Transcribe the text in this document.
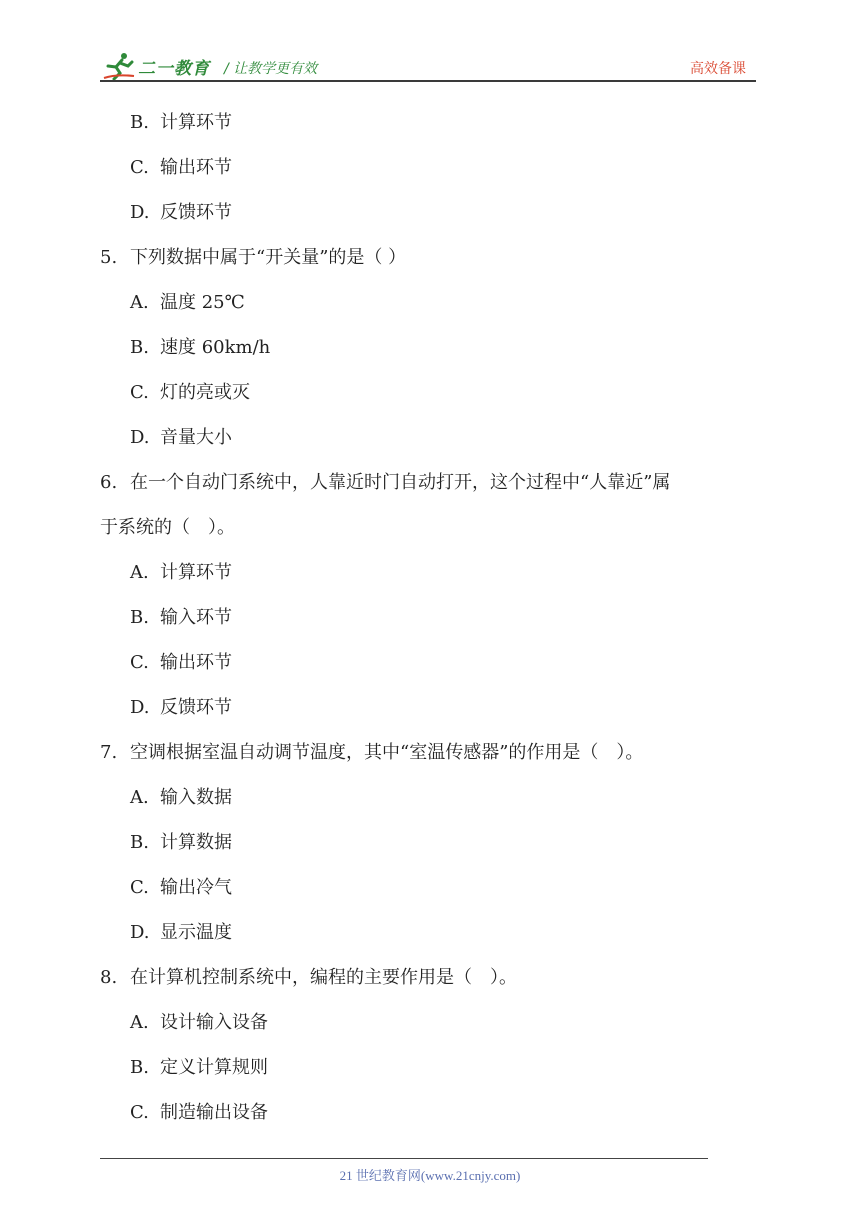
二一教育 / 让教学更有效	高效备课
B. 计算环节
C. 输出环节
D. 反馈环节
5. 下列数据中属于“开关量”的是（ ）
A. 温度 25℃
B. 速度 60km/h
C. 灯的亮或灭
D. 音量大小
6. 在一个自动门系统中，人靠近时门自动打开，这个过程中“人靠近”属
于系统的（　）。
A. 计算环节
B. 输入环节
C. 输出环节
D. 反馈环节
7. 空调根据室温自动调节温度，其中“室温传感器”的作用是（　）。
A. 输入数据
B. 计算数据
C. 输出冷气
D. 显示温度
8. 在计算机控制系统中，编程的主要作用是（　）。
A. 设计输入设备
B. 定义计算规则
C. 制造输出设备
21 世纪教育网(www.21cnjy.com)
